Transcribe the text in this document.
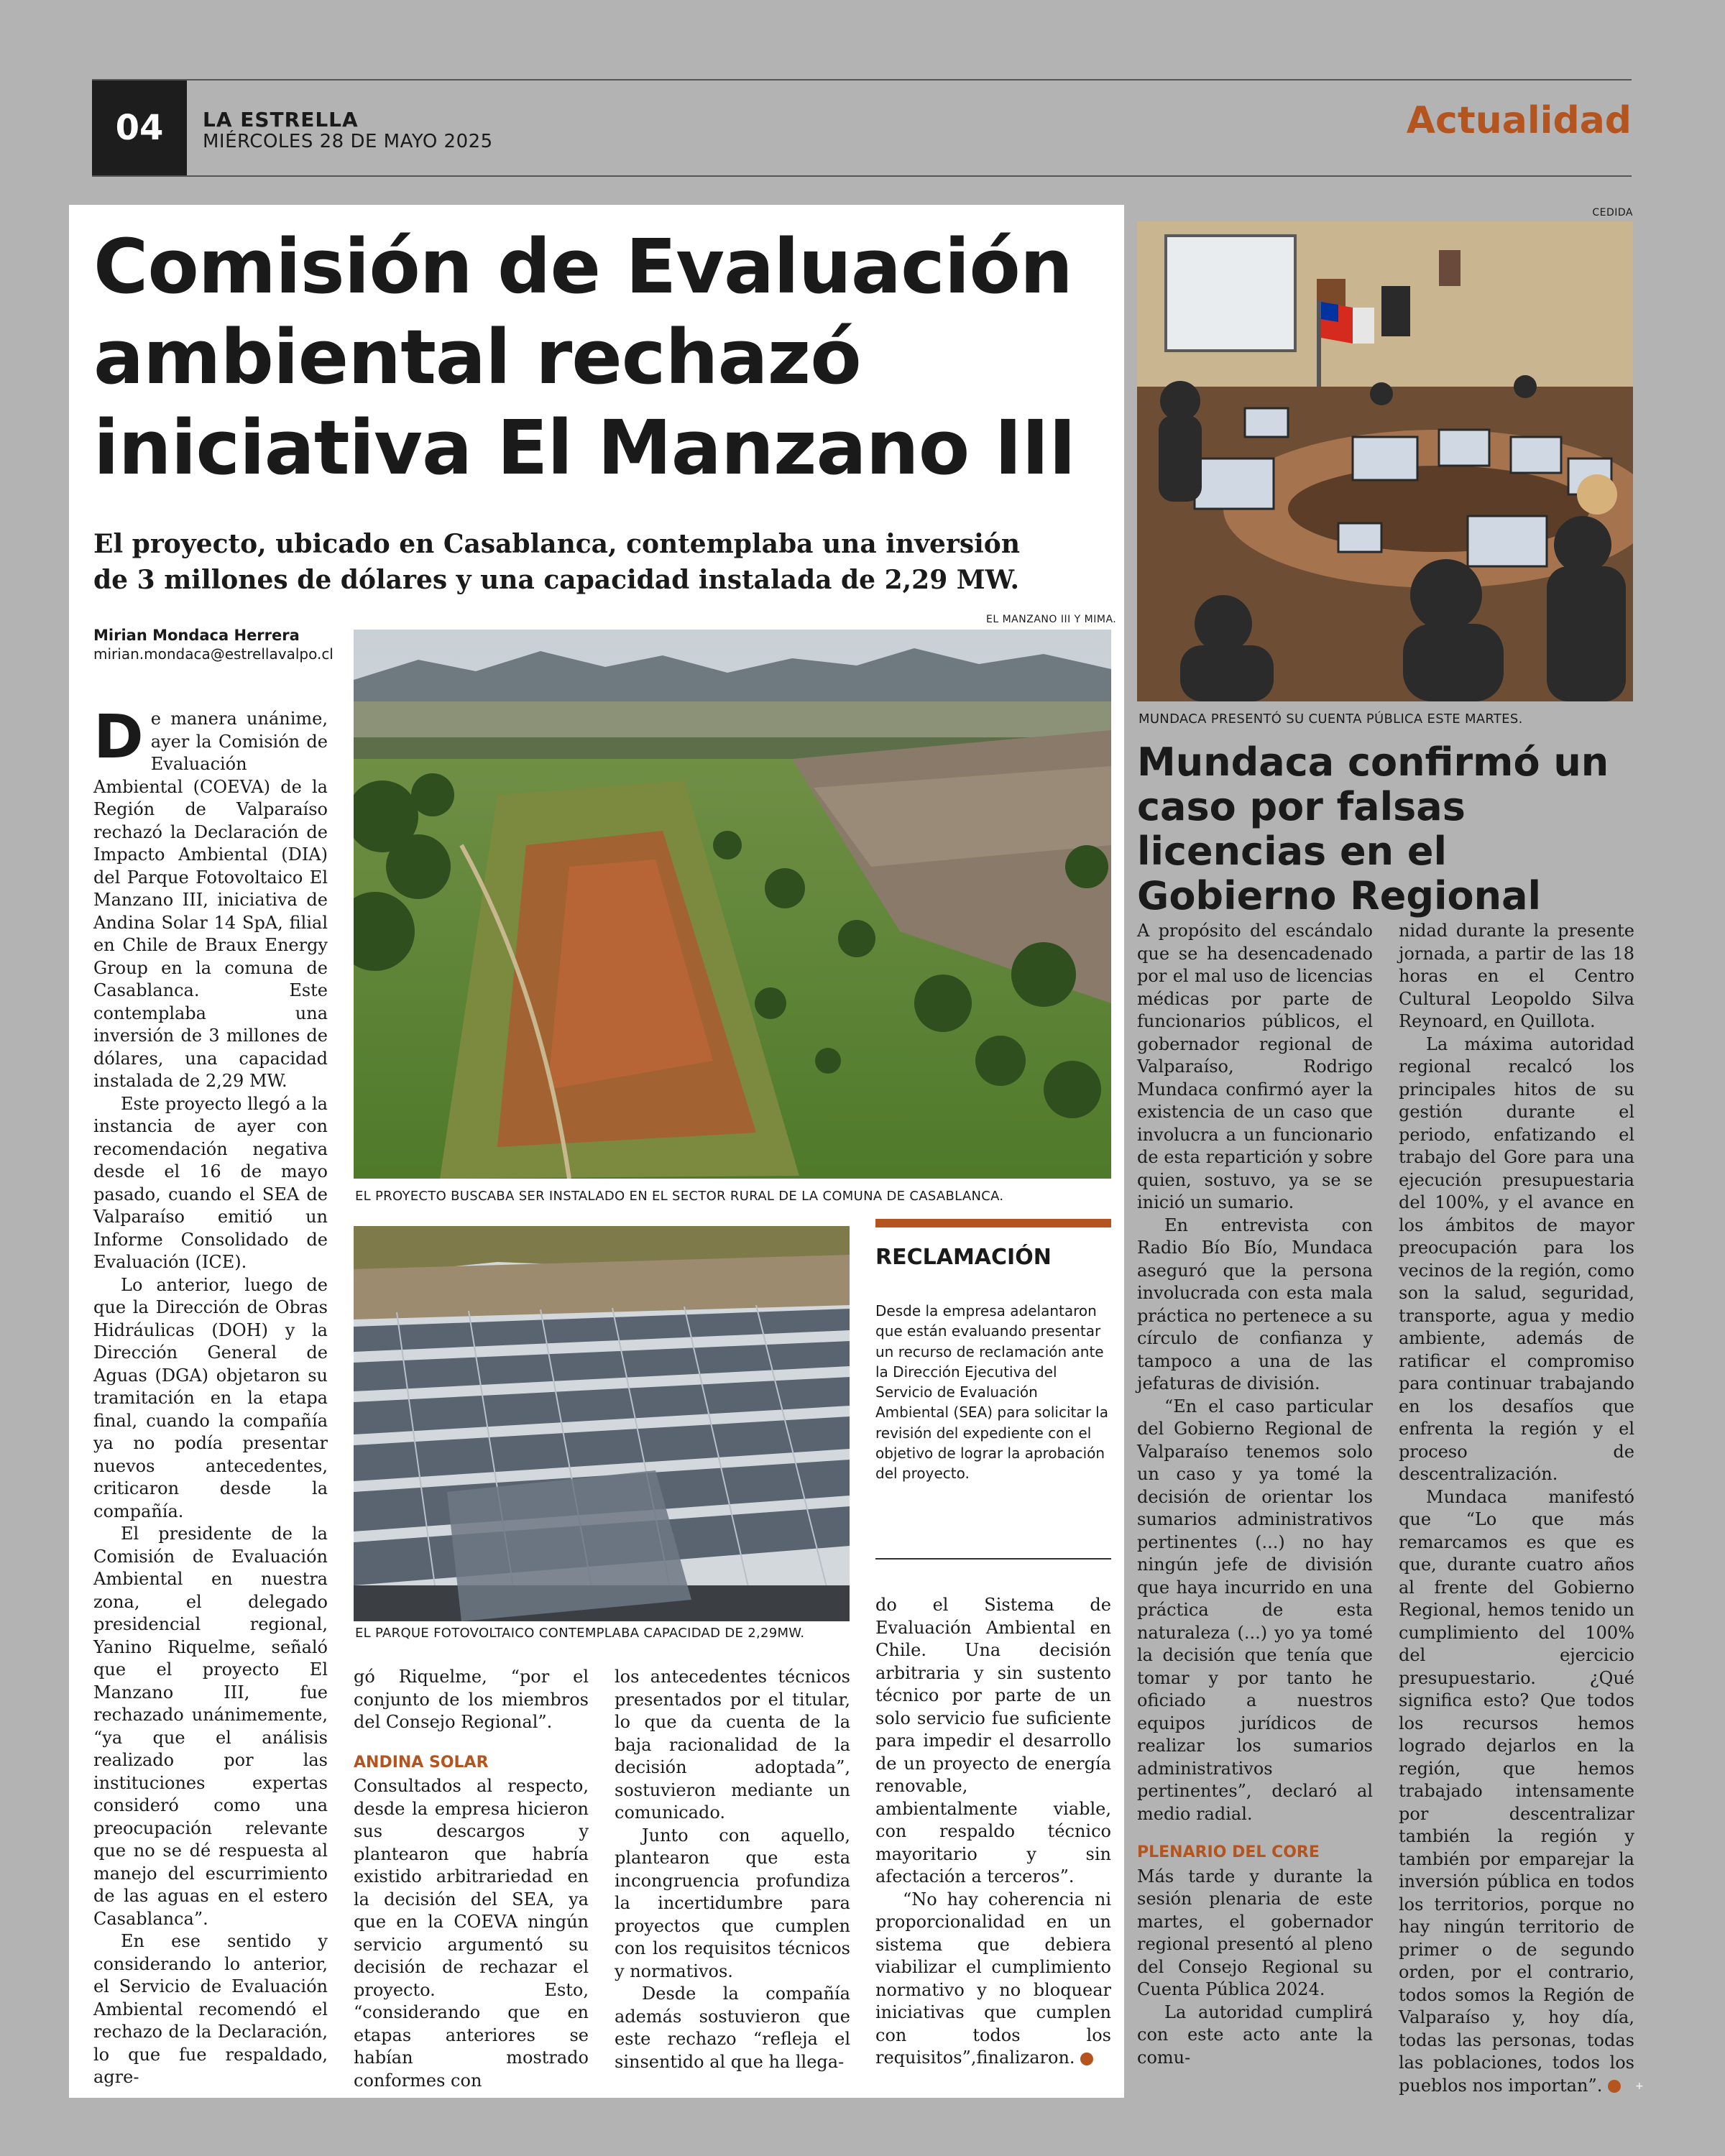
04	LA ESTRELLA
MIÉRCOLES 28 DE MAYO 2025	Actualidad
Comisión de Evaluación ambiental rechazó iniciativa El Manzano III

El proyecto, ubicado en Casablanca, contemplaba una inversión de 3 millones de dólares y una capacidad instalada de 2,29 MW.

Mirian Mondaca Herrera
mirian.mondaca@estrellavalpo.cl
EL MANZANO III Y MIMA.
EL PROYECTO BUSCABA SER INSTALADO EN EL SECTOR RURAL DE LA COMUNA DE CASABLANCA.
EL PARQUE FOTOVOLTAICO CONTEMPLABA CAPACIDAD DE 2,29MW.
RECLAMACIÓN
Desde la empresa adelantaron que están evaluando presentar un recurso de reclamación ante la Dirección Ejecutiva del Servicio de Evaluación Ambiental (SEA) para solicitar la revisión del expediente con el objetivo de lograr la aprobación del proyecto.

De manera unánime, ayer la Comisión de Evaluación Ambiental (COEVA) de la Región de Valparaíso rechazó la Declaración de Impacto Ambiental (DIA) del Parque Fotovoltaico El Manzano III, iniciativa de Andina Solar 14 SpA, filial en Chile de Braux Energy Group en la comuna de Casablanca. Este contemplaba una inversión de 3 millones de dólares, una capacidad instalada de 2,29 MW.

Este proyecto llegó a la instancia de ayer con recomendación negativa desde el 16 de mayo pasado, cuando el SEA de Valparaíso emitió un Informe Consolidado de Evaluación (ICE).

Lo anterior, luego de que la Dirección de Obras Hidráulicas (DOH) y la Dirección General de Aguas (DGA) objetaron su tramitación en la etapa final, cuando la compañía ya no podía presentar nuevos antecedentes, criticaron desde la compañía.

El presidente de la Comisión de Evaluación Ambiental en nuestra zona, el delegado presidencial regional, Yanino Riquelme, señaló que el proyecto El Manzano III, fue rechazado unánimemente, “ya que el análisis realizado por las instituciones expertas consideró como una preocupación relevante que no se dé respuesta al manejo del escurrimiento de las aguas en el estero Casablanca”.

En ese sentido y considerando lo anterior, el Servicio de Evaluación Ambiental recomendó el rechazo de la Declaración, lo que fue respaldado, agre-

gó Riquelme, “por el conjunto de los miembros del Consejo Regional”.

ANDINA SOLAR

Consultados al respecto, desde la empresa hicieron sus descargos y plantearon que habría existido arbitrariedad en la decisión del SEA, ya que en la COEVA ningún servicio argumentó su decisión de rechazar el proyecto. Esto, “considerando que en etapas anteriores se habían mostrado conformes con

los antecedentes técnicos presentados por el titular, lo que da cuenta de la baja racionalidad de la decisión adoptada”, sostuvieron mediante un comunicado.

Junto con aquello, plantearon que esta incongruencia profundiza la incertidumbre para proyectos que cumplen con los requisitos técnicos y normativos.

Desde la compañía además sostuvieron que este rechazo “refleja el sinsentido al que ha llega-

do el Sistema de Evaluación Ambiental en Chile. Una decisión arbitraria y sin sustento técnico por parte de un solo servicio fue suficiente para impedir el desarrollo de un proyecto de energía renovable, ambientalmente viable, con respaldo técnico mayoritario y sin afectación a terceros”.

“No hay coherencia ni proporcionalidad en un sistema que debiera viabilizar el cumplimiento normativo y no bloquear iniciativas que cumplen con todos los requisitos”,finalizaron.	+

CEDIDA
MUNDACA PRESENTÓ SU CUENTA PÚBLICA ESTE MARTES.
Mundaca confirmó un caso por falsas licencias en el Gobierno Regional

A propósito del escándalo que se ha desencadenado por el mal uso de licencias médicas por parte de funcionarios públicos, el gobernador regional de Valparaíso, Rodrigo Mundaca confirmó ayer la existencia de un caso que involucra a un funcionario de esta repartición y sobre quien, sostuvo, ya se se inició un sumario.

En entrevista con Radio Bío Bío, Mundaca aseguró que la persona involucrada con esta mala práctica no pertenece a su círculo de confianza y tampoco a una de las jefaturas de división.

“En el caso particular del Gobierno Regional de Valparaíso tenemos solo un caso y ya tomé la decisión de orientar los sumarios administrativos pertinentes (...) no hay ningún jefe de división que haya incurrido en una práctica de esta naturaleza (...) yo ya tomé la decisión que tenía que tomar y por tanto he oficiado a nuestros equipos jurídicos de realizar los sumarios administrativos pertinentes”, declaró al medio radial.

PLENARIO DEL CORE

Más tarde y durante la sesión plenaria de este martes, el gobernador regional presentó al pleno del Consejo Regional su Cuenta Pública 2024.

La autoridad cumplirá con este acto ante la comu-

nidad durante la presente jornada, a partir de las 18 horas en el Centro Cultural Leopoldo Silva Reynoard, en Quillota.

La máxima autoridad regional recalcó los principales hitos de su gestión durante el periodo, enfatizando el trabajo del Gore para una ejecución presupuestaria del 100%, y el avance en los ámbitos de mayor preocupación para los vecinos de la región, como son la salud, seguridad, transporte, agua y medio ambiente, además de ratificar el compromiso para continuar trabajando en los desafíos que enfrenta la región y el proceso de descentralización.

Mundaca manifestó que “Lo que más remarcamos es que es que, durante cuatro años al frente del Gobierno Regional, hemos tenido un cumplimiento del 100% del ejercicio presupuestario. ¿Qué significa esto? Que todos los recursos hemos logrado dejarlos en la región, que hemos trabajado intensamente por descentralizar también la región y también por emparejar la inversión pública en todos los territorios, porque no hay ningún territorio de primer o de segundo orden, por el contrario, todos somos la Región de Valparaíso y, hoy día, todas las personas, todas las poblaciones, todos los pueblos nos importan”.	+
